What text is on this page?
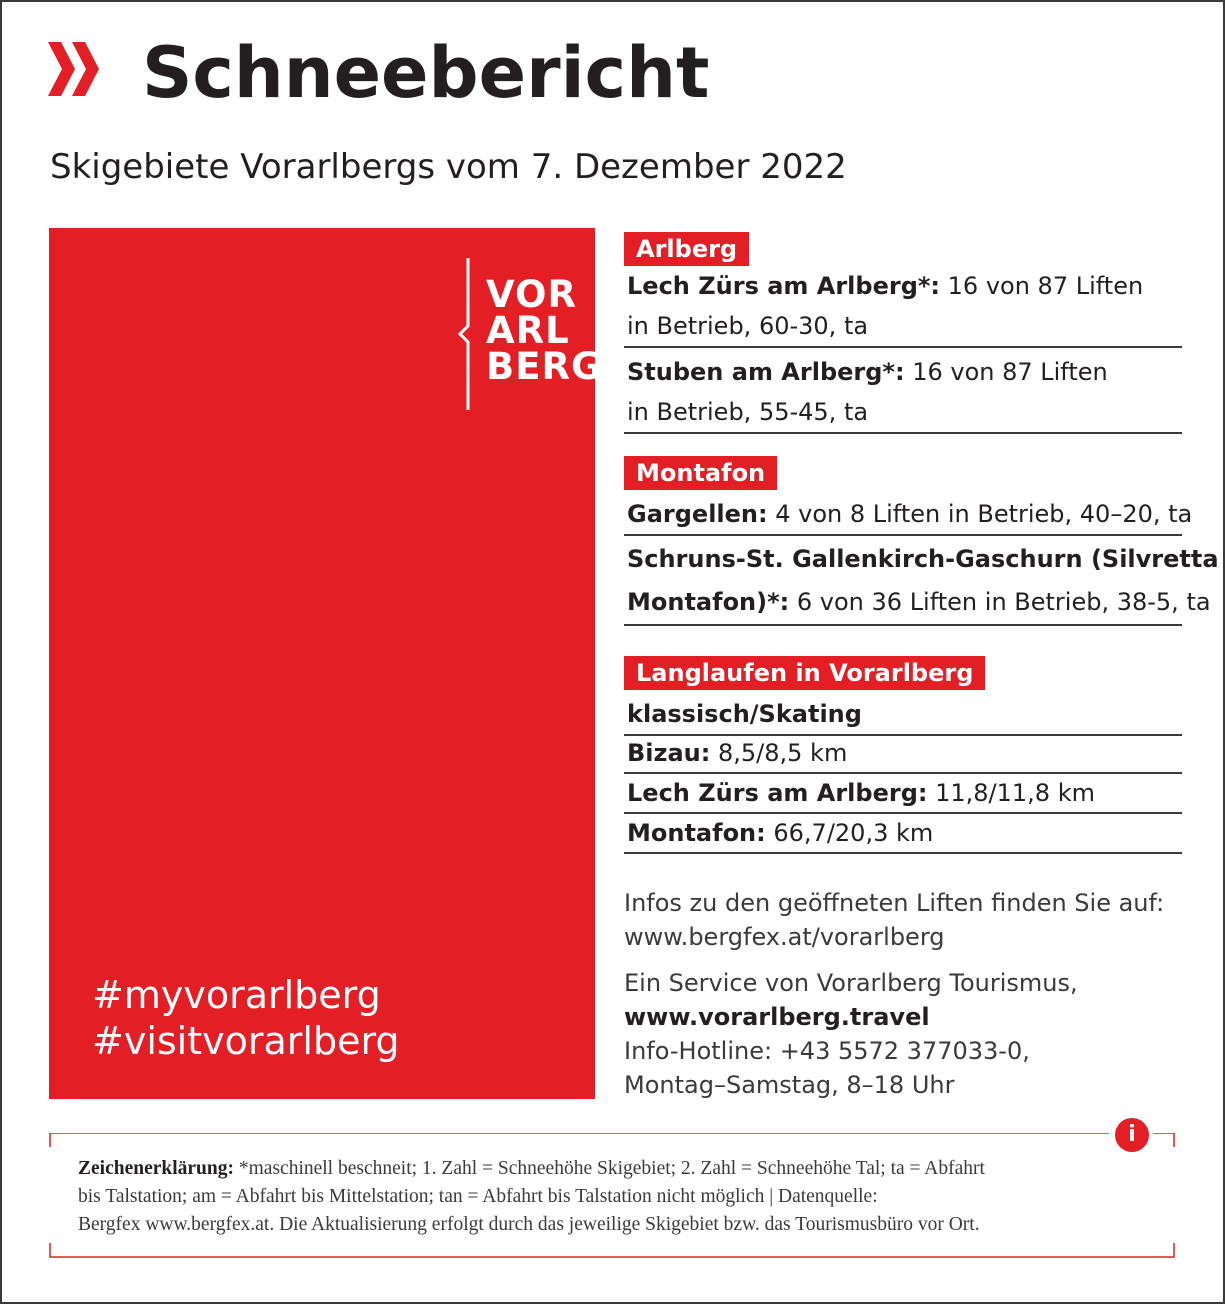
Schneebericht
Skigebiete Vorarlbergs vom 7. Dezember 2022
VOR
ARL
BERG
#myvorarlberg
#visitvorarlberg
Arlberg
Lech Zürs am Arlberg*: 16 von 87 Liften
in Betrieb, 60-30, ta
Stuben am Arlberg*: 16 von 87 Liften
in Betrieb, 55-45, ta
Montafon
Gargellen: 4 von 8 Liften in Betrieb, 40–20, ta
Schruns-St. Gallenkirch-Gaschurn (Silvretta
Montafon)*: 6 von 36 Liften in Betrieb, 38-5, ta
Langlaufen in Vorarlberg
klassisch/Skating
Bizau: 8,5/8,5 km
Lech Zürs am Arlberg: 11,8/11,8 km
Montafon: 66,7/20,3 km
Infos zu den geöffneten Liften finden Sie auf:
www.bergfex.at/vorarlberg
Ein Service von Vorarlberg Tourismus,
www.vorarlberg.travel
Info-Hotline: +43 5572 377033-0,
Montag–Samstag, 8–18 Uhr
Zeichenerklärung: *maschinell beschneit; 1. Zahl = Schneehöhe Skigebiet; 2. Zahl = Schneehöhe Tal; ta = Abfahrt
bis Talstation; am = Abfahrt bis Mittelstation; tan = Abfahrt bis Talstation nicht möglich | Datenquelle:
Bergfex www.bergfex.at. Die Aktualisierung erfolgt durch das jeweilige Skigebiet bzw. das Tourismusbüro vor Ort.
i
